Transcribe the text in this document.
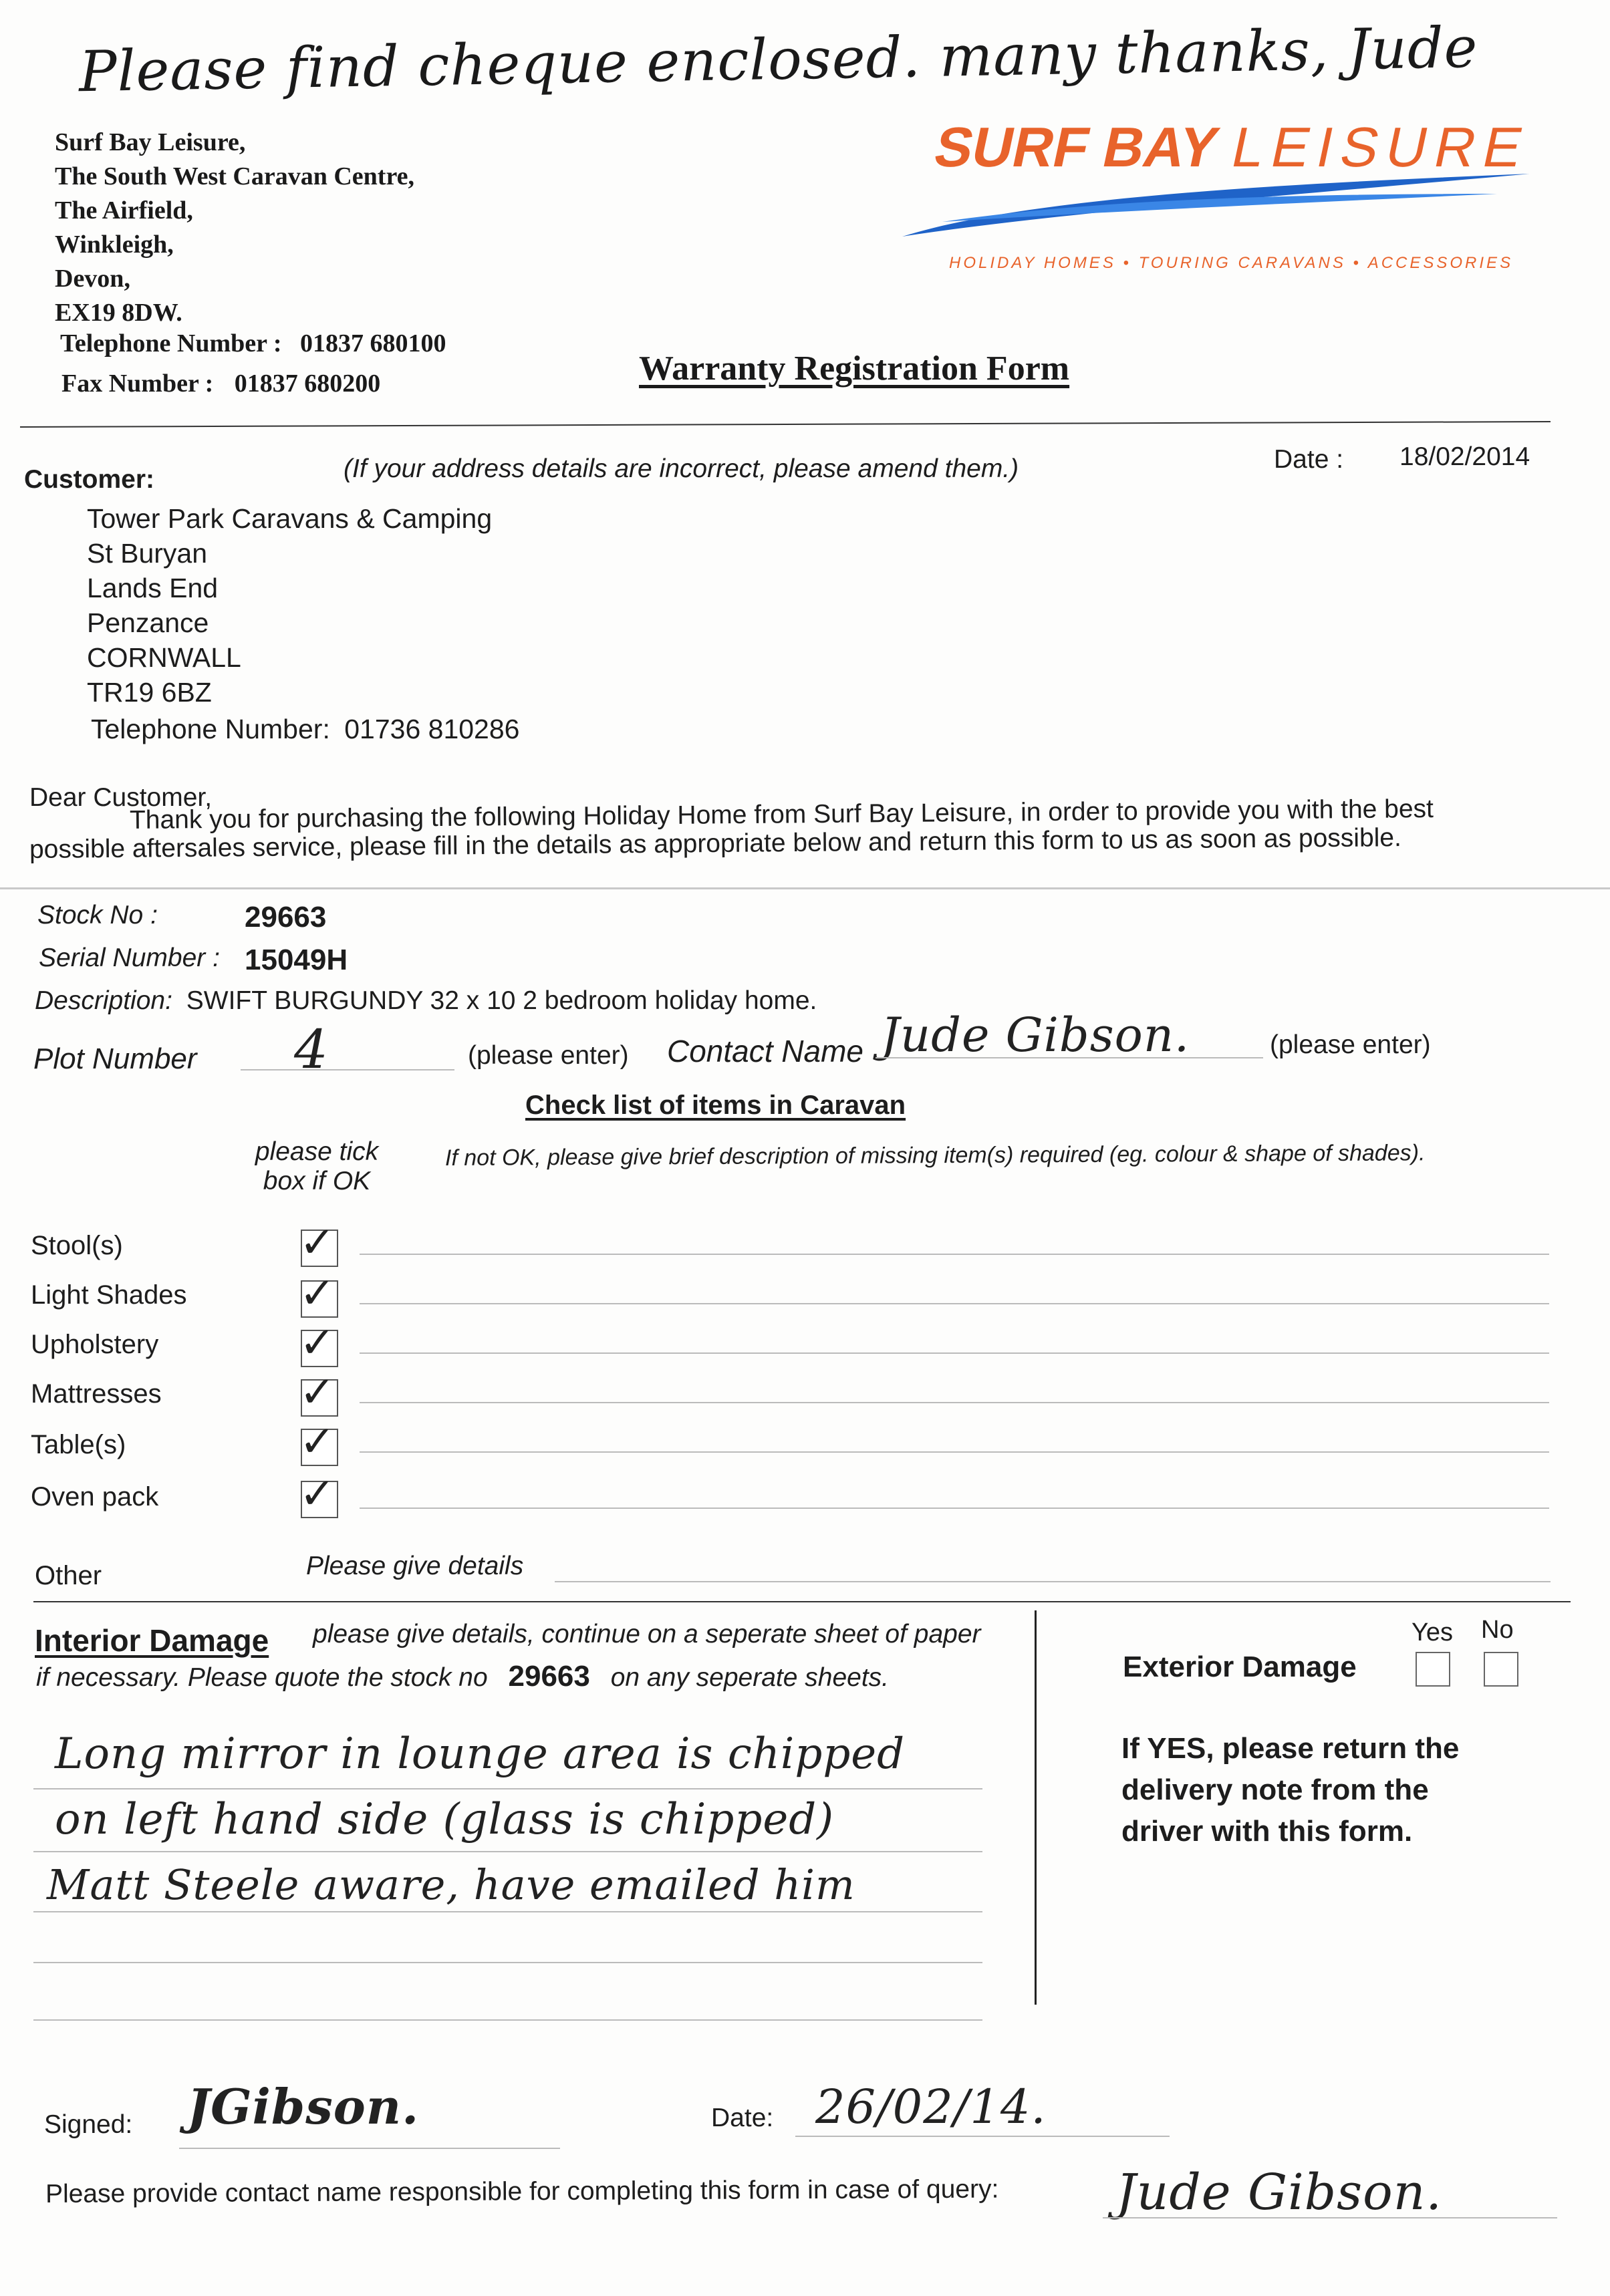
Please find cheque enclosed. many thanks, Jude
Surf Bay Leisure,
The South West Caravan Centre,
The Airfield,
Winkleigh,
Devon,
EX19 8DW.
Telephone Number : 01837 680100
Fax Number : 01837 680200
SURF BAY LEISURE
HOLIDAY HOMES • TOURING CARAVANS • ACCESSORIES
Warranty Registration Form
Customer:	(If your address details are incorrect, please amend them.)	Date : 18/02/2014
Tower Park Caravans & Camping
St Buryan
Lands End
Penzance
CORNWALL
TR19 6BZ
Telephone Number: 01736 810286
Dear Customer,
Thank you for purchasing the following Holiday Home from Surf Bay Leisure, in order to provide you with the best
possible aftersales service, please fill in the details as appropriate below and return this form to us as soon as possible.
Stock No :	29663
Serial Number : 15049H
Description: SWIFT BURGUNDY 32 x 10 2 bedroom holiday home.
Plot Number 4	(please enter) Contact Name Jude Gibson.	(please enter)
Check list of items in Caravan
please tick
box if OK
If not OK, please give brief description of missing item(s) required (eg. colour & shape of shades).
Stool(s)	✓
Light Shades	✓
Upholstery	✓
Mattresses	✓
Table(s)	✓
Oven pack	✓
Other	Please give details
Interior Damage please give details, continue on a seperate sheet of paper
if necessary. Please quote the stock no 29663 on any seperate sheets.
Long mirror in lounge area is chipped
on left hand side (glass is chipped)
Matt Steele aware, have emailed him
Yes No
Exterior Damage
If YES, please return the
delivery note from the
driver with this form.
Signed: JGibson.	Date: 26/02/14.
Please provide contact name responsible for completing this form in case of query: Jude Gibson.
